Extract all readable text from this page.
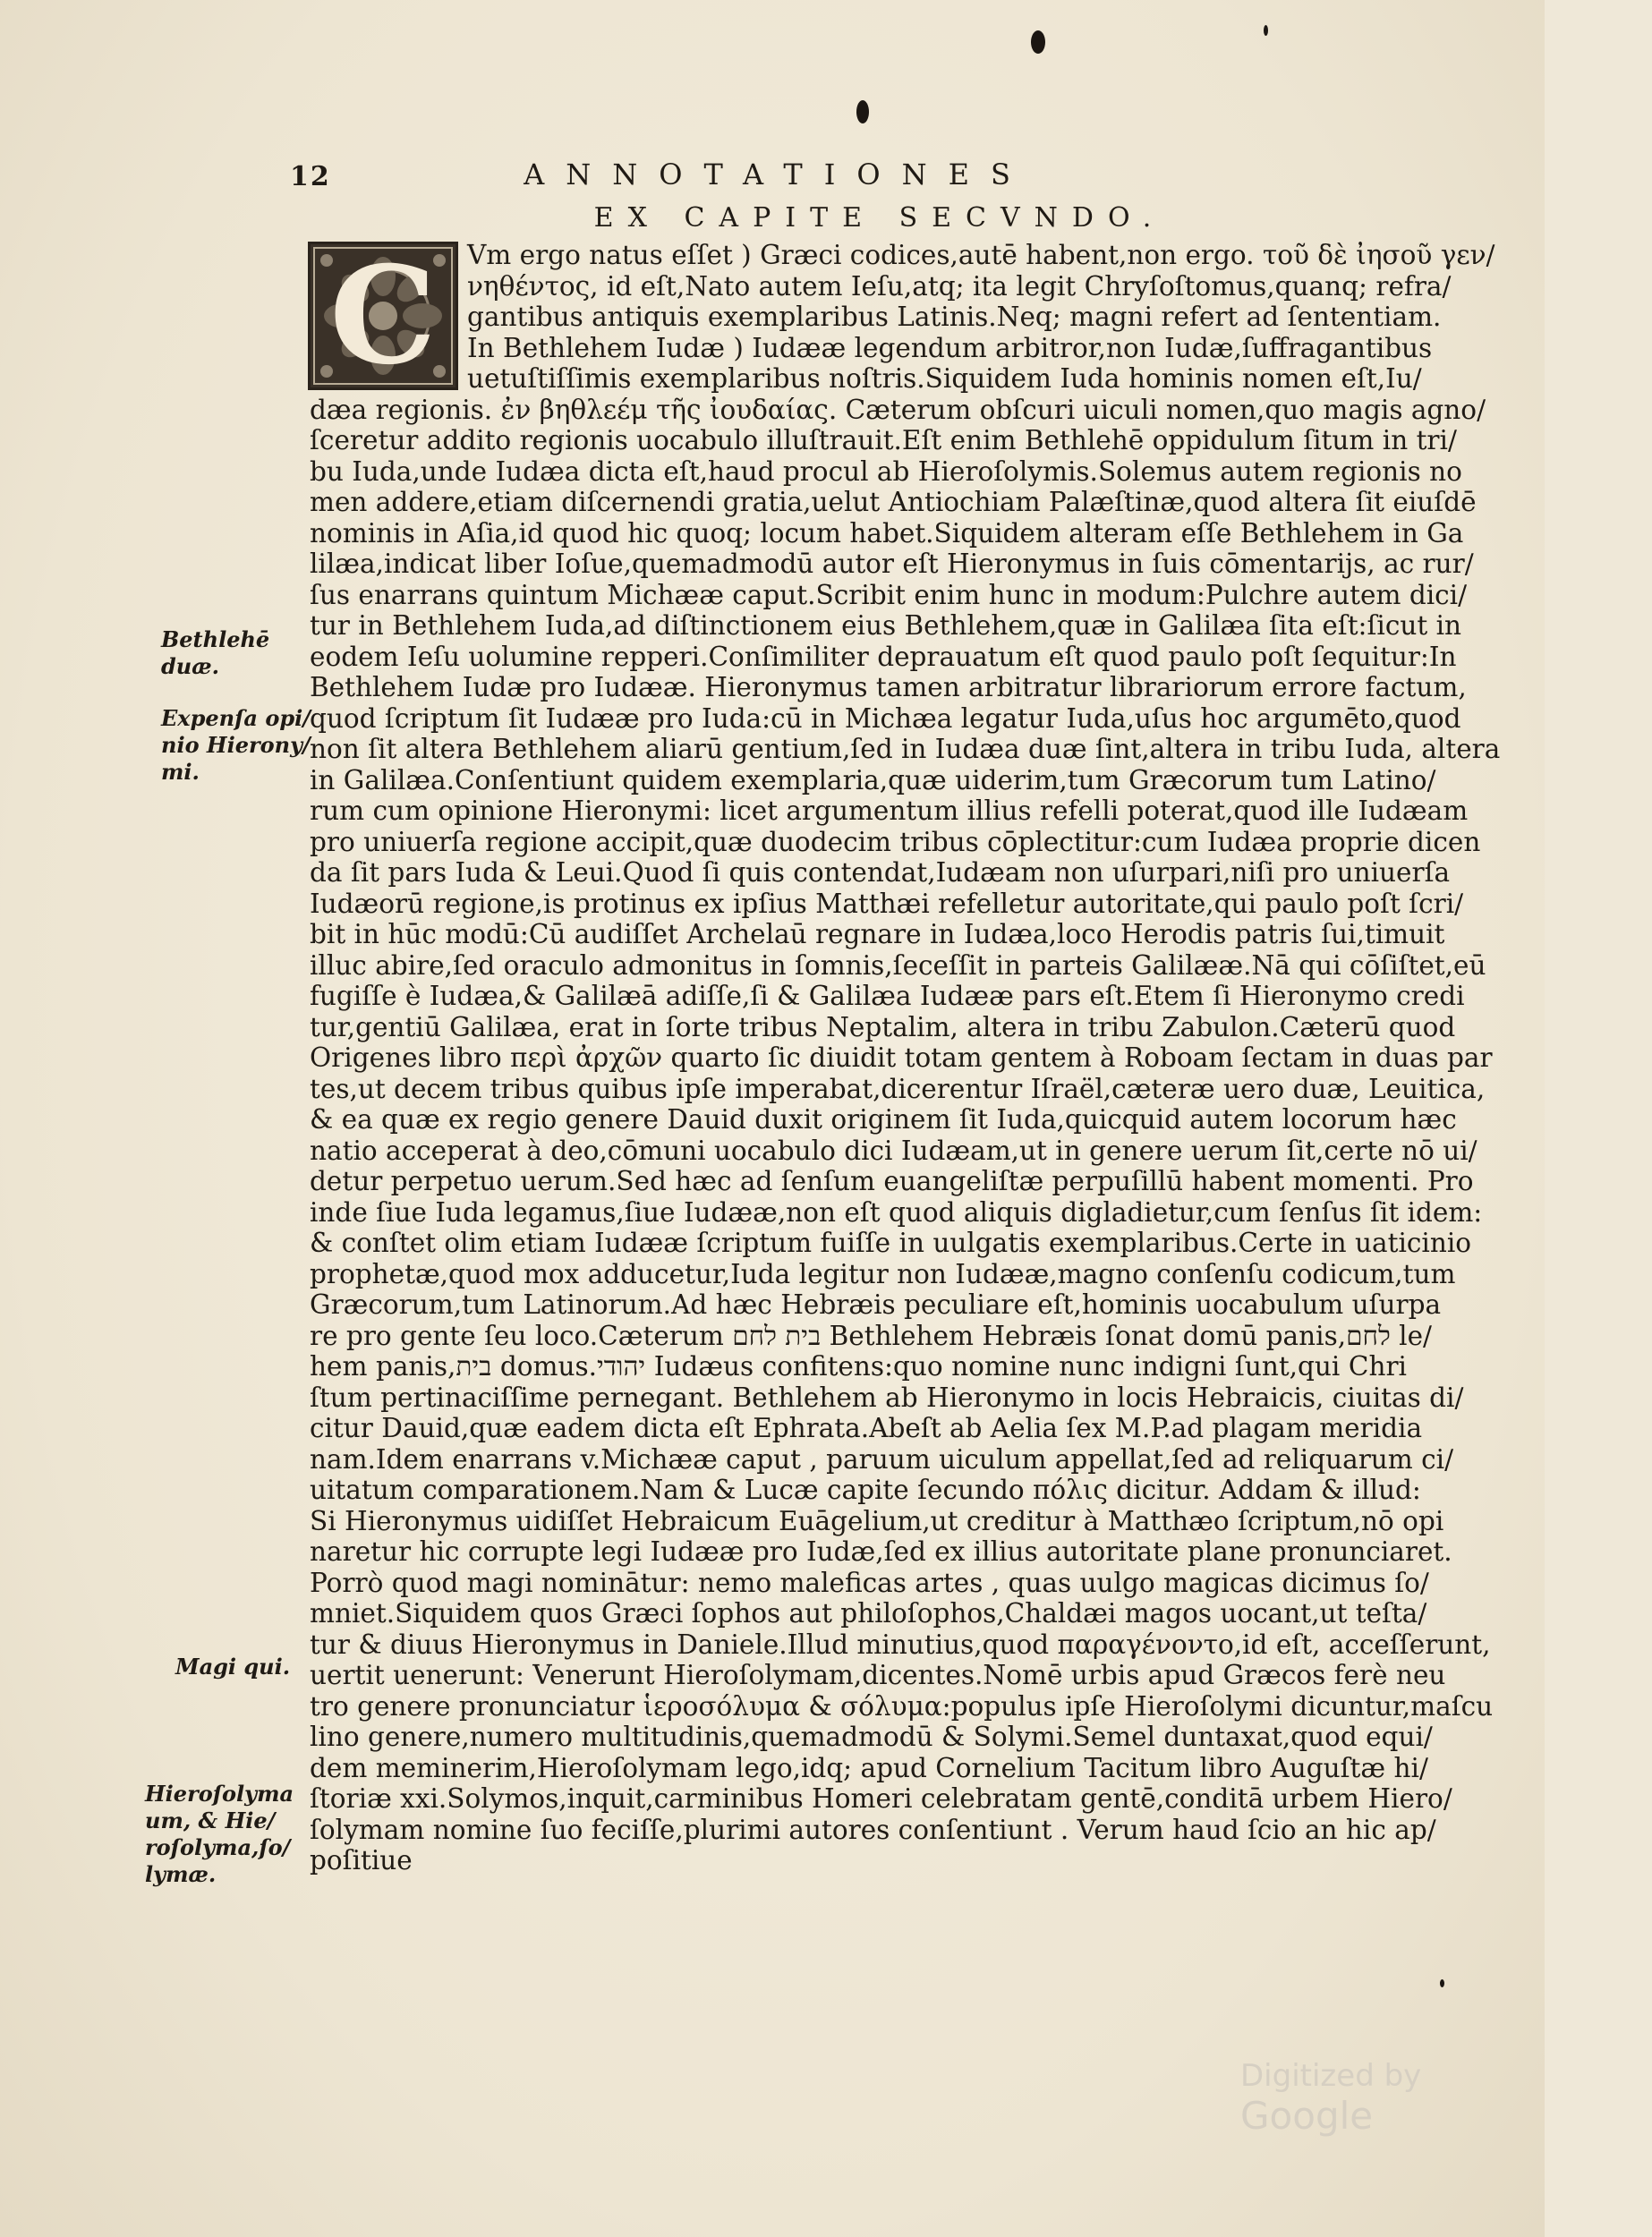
12	ANNOTATIONES
EX CAPITE SECVNDO.
C	Vm ergo natus eſſet ) Græci codices,autē habent,non ergo. τοῦ δὲ ἰησοῦ γεν/
νηθέντος, id eſt,Nato autem Ieſu,atq; ita legit Chryſoſtomus,quanq; refra/
gantibus antiquis exemplaribus Latinis.Neq; magni refert ad ſententiam.
In Bethlehem Iudæ ) Iudææ legendum arbitror,non Iudæ,ſuffragantibus
uetuſtiſſimis exemplaribus noſtris.Siquidem Iuda hominis nomen eſt,Iu/
dæa regionis. ἐν βηθλεέμ τῆς ἰουδαίας. Cæterum obſcuri uiculi nomen,quo magis agno/
ſceretur addito regionis uocabulo illuſtrauit.Eſt enim Bethlehē oppidulum ſitum in tri/
bu Iuda,unde Iudæa dicta eſt,haud procul ab Hieroſolymis.Solemus autem regionis no
men addere,etiam diſcernendi gratia,uelut Antiochiam Palæſtinæ,quod altera ſit eiuſdē
nominis in Aſia,id quod hic quoq; locum habet.Siquidem alteram eſſe Bethlehem in Ga
lilæa,indicat liber Ioſue,quemadmodū autor eſt Hieronymus in ſuis cōmentarijs, ac rur/
ſus enarrans quintum Michææ caput.Scribit enim hunc in modum:Pulchre autem dici/
tur in Bethlehem Iuda,ad diſtinctionem eius Bethlehem,quæ in Galilæa ſita eſt:ſicut in
eodem Ieſu uolumine repperi.Conſimiliter deprauatum eſt quod paulo poſt ſequitur:In
Bethlehem Iudæ pro Iudææ. Hieronymus tamen arbitratur librariorum errore factum,
quod ſcriptum ſit Iudææ pro Iuda:cū in Michæa legatur Iuda,uſus hoc argumēto,quod
non ſit altera Bethlehem aliarū gentium,ſed in Iudæa duæ ſint,altera in tribu Iuda, altera
in Galilæa.Conſentiunt quidem exemplaria,quæ uiderim,tum Græcorum tum Latino/
rum cum opinione Hieronymi: licet argumentum illius refelli poterat,quod ille Iudæam
pro uniuerſa regione accipit,quæ duodecim tribus cōplectitur:cum Iudæa proprie dicen
da ſit pars Iuda & Leui.Quod ſi quis contendat,Iudæam non uſurpari,niſi pro uniuerſa
Iudæorū regione,is protinus ex ipſius Matthæi refelletur autoritate,qui paulo poſt ſcri/
bit in hūc modū:Cū audiſſet Archelaū regnare in Iudæa,loco Herodis patris ſui,timuit
illuc abire,ſed oraculo admonitus in ſomnis,ſeceſſit in parteis Galilææ.Nā qui cōſiſtet,eū
fugiſſe è Iudæa,& Galilæā adiſſe,ſi & Galilæa Iudææ pars eſt.Etem ſi Hieronymo credi
tur,gentiū Galilæa, erat in ſorte tribus Neptalim, altera in tribu Zabulon.Cæterū quod
Origenes libro περὶ ἀρχῶν quarto ſic diuidit totam gentem à Roboam ſectam in duas par
tes,ut decem tribus quibus ipſe imperabat,dicerentur Iſraël,cæteræ uero duæ, Leuitica,
& ea quæ ex regio genere Dauid duxit originem ſit Iuda,quicquid autem locorum hæc
natio acceperat à deo,cōmuni uocabulo dici Iudæam,ut in genere uerum ſit,certe nō ui/
detur perpetuo uerum.Sed hæc ad ſenſum euangeliſtæ perpuſillū habent momenti. Pro
inde ſiue Iuda legamus,ſiue Iudææ,non eſt quod aliquis digladietur,cum ſenſus ſit idem:
& conſtet olim etiam Iudææ ſcriptum fuiſſe in uulgatis exemplaribus.Certe in uaticinio
prophetæ,quod mox adducetur,Iuda legitur non Iudææ,magno conſenſu codicum,tum
Græcorum,tum Latinorum.Ad hæc Hebræis peculiare eſt,hominis uocabulum uſurpa
re pro gente ſeu loco.Cæterum בית לחם Bethlehem Hebræis ſonat domū panis,לחם le/
hem panis,בית domus.יהודי Iudæus confitens:quo nomine nunc indigni ſunt,qui Chri
ſtum pertinaciſſime pernegant. Bethlehem ab Hieronymo in locis Hebraicis, ciuitas di/
citur Dauid,quæ eadem dicta eſt Ephrata.Abeſt ab Aelia ſex M.P.ad plagam meridia
nam.Idem enarrans v.Michææ caput , paruum uiculum appellat,ſed ad reliquarum ci/
uitatum comparationem.Nam & Lucæ capite ſecundo πόλις dicitur. Addam & illud:
Si Hieronymus uidiſſet Hebraicum Euāgelium,ut creditur à Matthæo ſcriptum,nō opi
naretur hic corrupte legi Iudææ pro Iudæ,ſed ex illius autoritate plane pronunciaret.
Porrò quod magi nominātur: nemo maleficas artes , quas uulgo magicas dicimus ſo/
mniet.Siquidem quos Græci ſophos aut philoſophos,Chaldæi magos uocant,ut teſta/
tur & diuus Hieronymus in Daniele.Illud minutius,quod παραγένοντο,id eſt, acceſſerunt,
uertit uenerunt: Venerunt Hieroſolymam,dicentes.Nomē urbis apud Græcos ferè neu
tro genere pronunciatur ἱεροσόλυμα & σόλυμα:populus ipſe Hieroſolymi dicuntur,maſcu
lino genere,numero multitudinis,quemadmodū & Solymi.Semel duntaxat,quod equi/
dem meminerim,Hieroſolymam lego,idq; apud Cornelium Tacitum libro Auguſtæ hi/
ſtoriæ xxi.Solymos,inquit,carminibus Homeri celebratam gentē,conditā urbem Hiero/
ſolymam nomine ſuo feciſſe,plurimi autores conſentiunt . Verum haud ſcio an hic ap/
poſitiue
Bethlehē duæ.
Expenſa opi/ nio Hierony/ mi.
Magi qui.
Hieroſolyma um, & Hie/ roſolyma,ſo/ lymæ.
Digitized by Google
